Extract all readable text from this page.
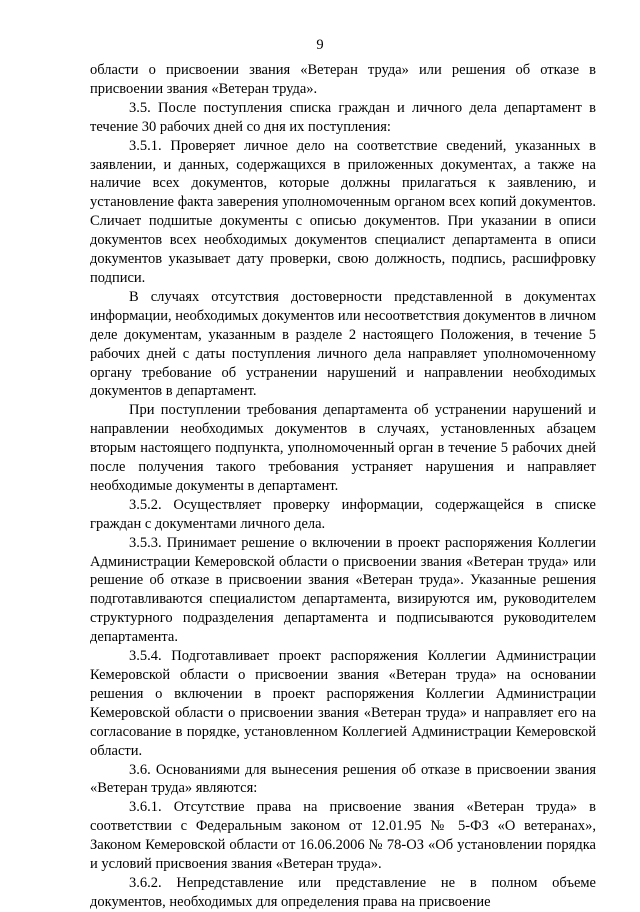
9

области о присвоении звания «Ветеран труда» или решения об отказе в присвоении звания «Ветеран труда».

3.5. После поступления списка граждан и личного дела департамент в течение 30 рабочих дней со дня их поступления:

3.5.1. Проверяет личное дело на соответствие сведений, указанных в заявлении, и данных, содержащихся в приложенных документах, а также на наличие всех документов, которые должны прилагаться к заявлению, и установление факта заверения уполномоченным органом всех копий документов. Сличает подшитые документы с описью документов. При указании в описи документов всех необходимых документов специалист департамента в описи документов указывает дату проверки, свою должность, подпись, расшифровку подписи.

В случаях отсутствия достоверности представленной в документах информации, необходимых документов или несоответствия документов в личном деле документам, указанным в разделе 2 настоящего Положения, в течение 5 рабочих дней с даты поступления личного дела направляет уполномоченному органу требование об устранении нарушений и направлении необходимых документов в департамент.

При поступлении требования департамента об устранении нарушений и направлении необходимых документов в случаях, установленных абзацем вторым настоящего подпункта, уполномоченный орган в течение 5 рабочих дней после получения такого требования устраняет нарушения и направляет необходимые документы в департамент.

3.5.2. Осуществляет проверку информации, содержащейся в списке граждан с документами личного дела.

3.5.3. Принимает решение о включении в проект распоряжения Коллегии Администрации Кемеровской области о присвоении звания «Ветеран труда» или решение об отказе в присвоении звания «Ветеран труда». Указанные решения подготавливаются специалистом департамента, визируются им, руководителем структурного подразделения департамента и подписываются руководителем департамента.

3.5.4. Подготавливает проект распоряжения Коллегии Администрации Кемеровской области о присвоении звания «Ветеран труда» на основании решения о включении в проект распоряжения Коллегии Администрации Кемеровской области о присвоении звания «Ветеран труда» и направляет его на согласование в порядке, установленном Коллегией Администрации Кемеровской области.

3.6. Основаниями для вынесения решения об отказе в присвоении звания «Ветеран труда» являются:

3.6.1. Отсутствие права на присвоение звания «Ветеран труда» в соответствии с Федеральным законом от 12.01.95 № 5-ФЗ «О ветеранах», Законом Кемеровской области от 16.06.2006 № 78-ОЗ «Об установлении порядка и условий присвоения звания «Ветеран труда».

3.6.2. Непредставление или представление не в полном объеме документов, необходимых для определения права на присвоение
